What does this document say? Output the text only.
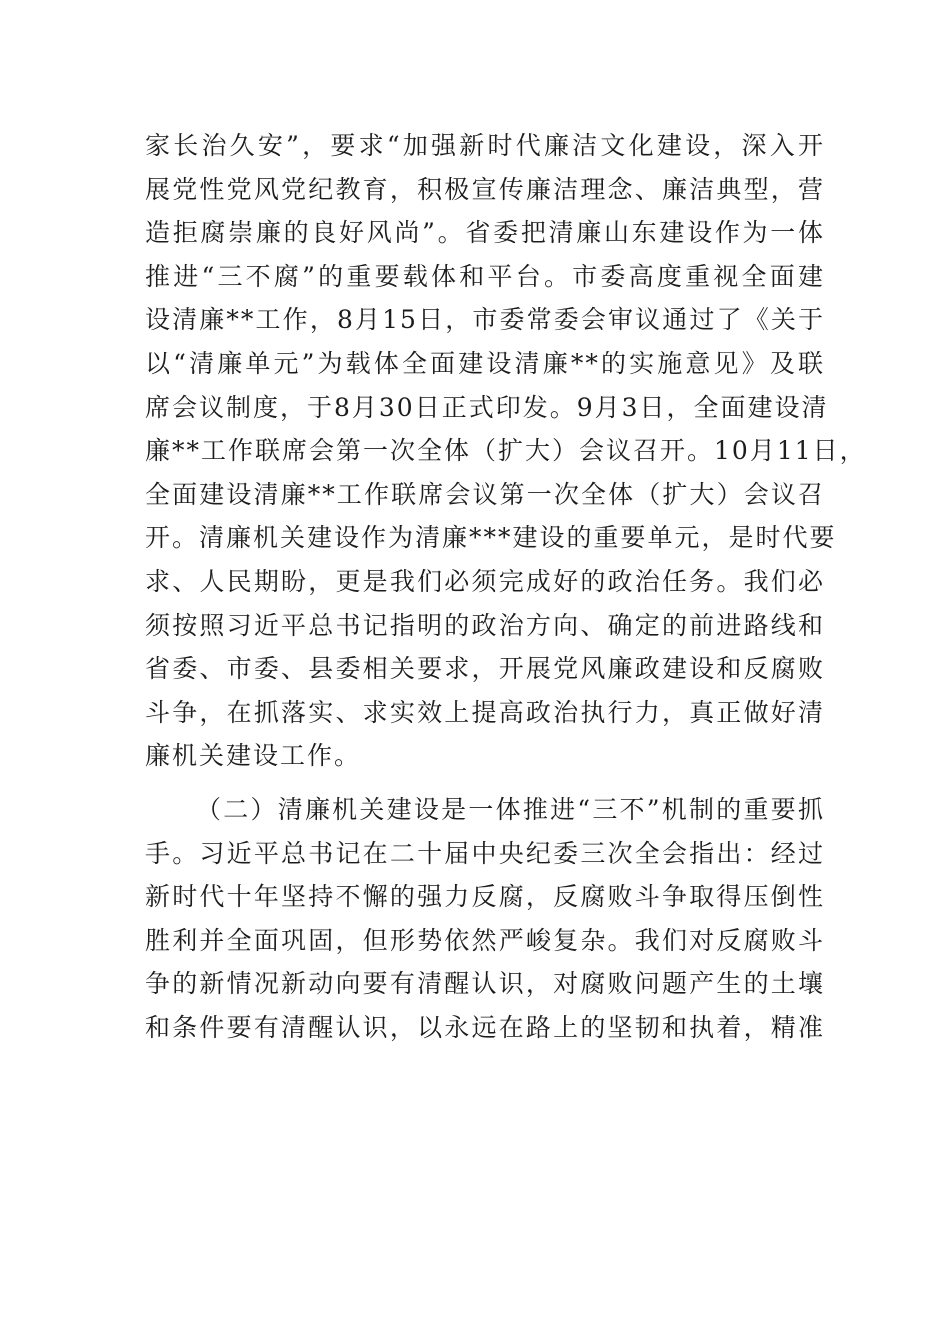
家长治久安”，要求“加强新时代廉洁文化建设，深入开
展党性党风党纪教育，积极宣传廉洁理念、廉洁典型，营
造拒腐崇廉的良好风尚”。省委把清廉山东建设作为一体
推进“三不腐”的重要载体和平台。市委高度重视全面建
设清廉**工作，8月15日，市委常委会审议通过了《关于
以“清廉单元”为载体全面建设清廉**的实施意见》及联
席会议制度，于8月30日正式印发。9月3日，全面建设清
廉**工作联席会第一次全体（扩大）会议召开。10月11日，
全面建设清廉**工作联席会议第一次全体（扩大）会议召
开。清廉机关建设作为清廉***建设的重要单元，是时代要
求、人民期盼，更是我们必须完成好的政治任务。我们必
须按照习近平总书记指明的政治方向、确定的前进路线和
省委、市委、县委相关要求，开展党风廉政建设和反腐败
斗争，在抓落实、求实效上提高政治执行力，真正做好清
廉机关建设工作。
（二）清廉机关建设是一体推进“三不”机制的重要抓
手。习近平总书记在二十届中央纪委三次全会指出：经过
新时代十年坚持不懈的强力反腐，反腐败斗争取得压倒性
胜利并全面巩固，但形势依然严峻复杂。我们对反腐败斗
争的新情况新动向要有清醒认识，对腐败问题产生的土壤
和条件要有清醒认识，以永远在路上的坚韧和执着，精准
